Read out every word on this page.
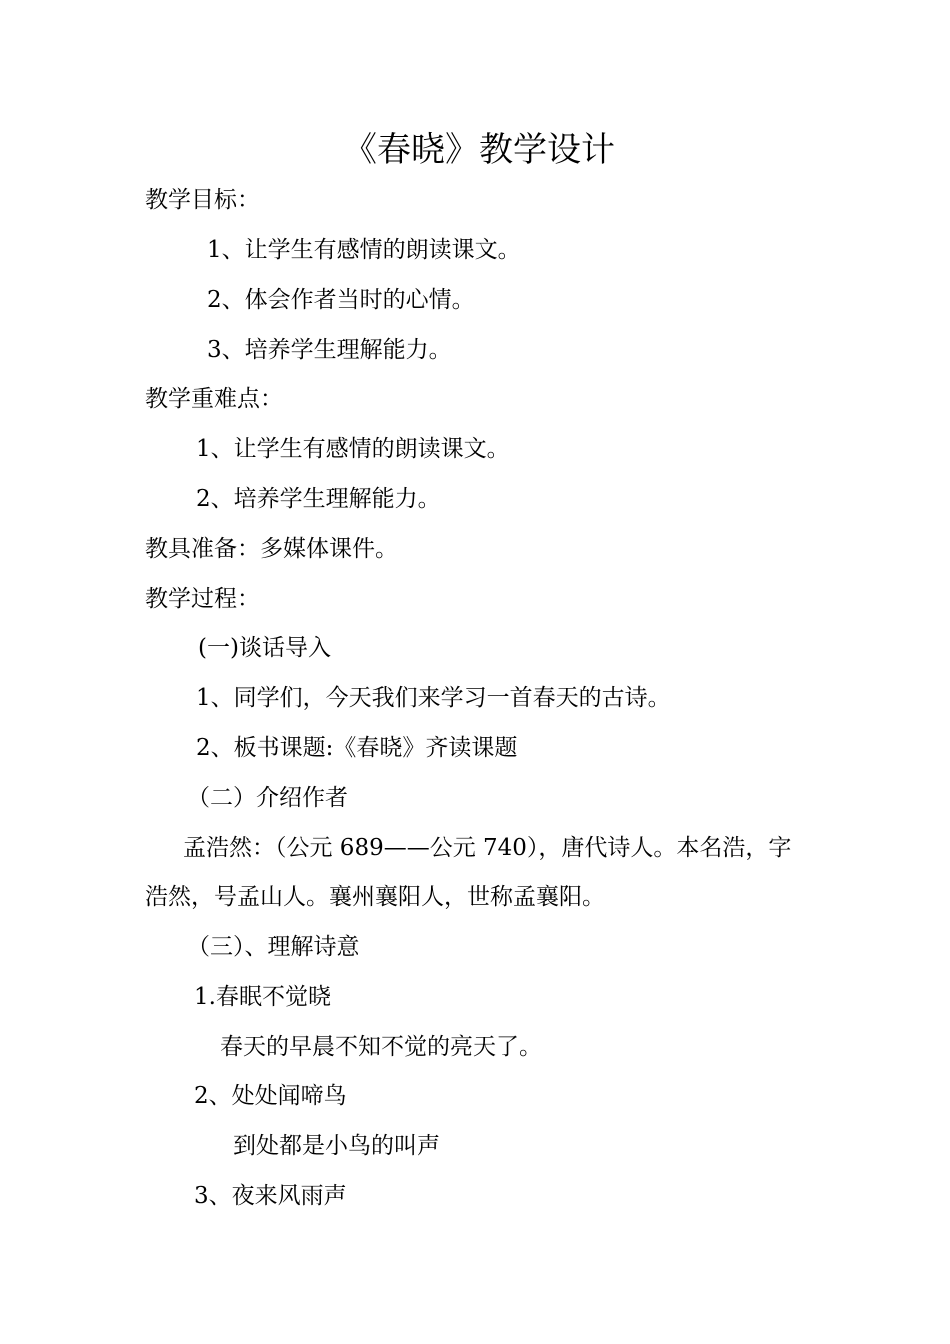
《春晓》教学设计

教学目标：

1、让学生有感情的朗读课文。

2、体会作者当时的心情。

3、培养学生理解能力。

教学重难点：

1、让学生有感情的朗读课文。

2、培养学生理解能力。

教具准备：多媒体课件。

教学过程：

(一)谈话导入

1、同学们，今天我们来学习一首春天的古诗。

2、板书课题:《春晓》齐读课题

（二）介绍作者

孟浩然：（公元 689——公元 740），唐代诗人。本名浩，字

浩然，号孟山人。襄州襄阳人，世称孟襄阳。

（三）、理解诗意

1.春眠不觉晓

春天的早晨不知不觉的亮天了。

2、处处闻啼鸟

到处都是小鸟的叫声

3、夜来风雨声
